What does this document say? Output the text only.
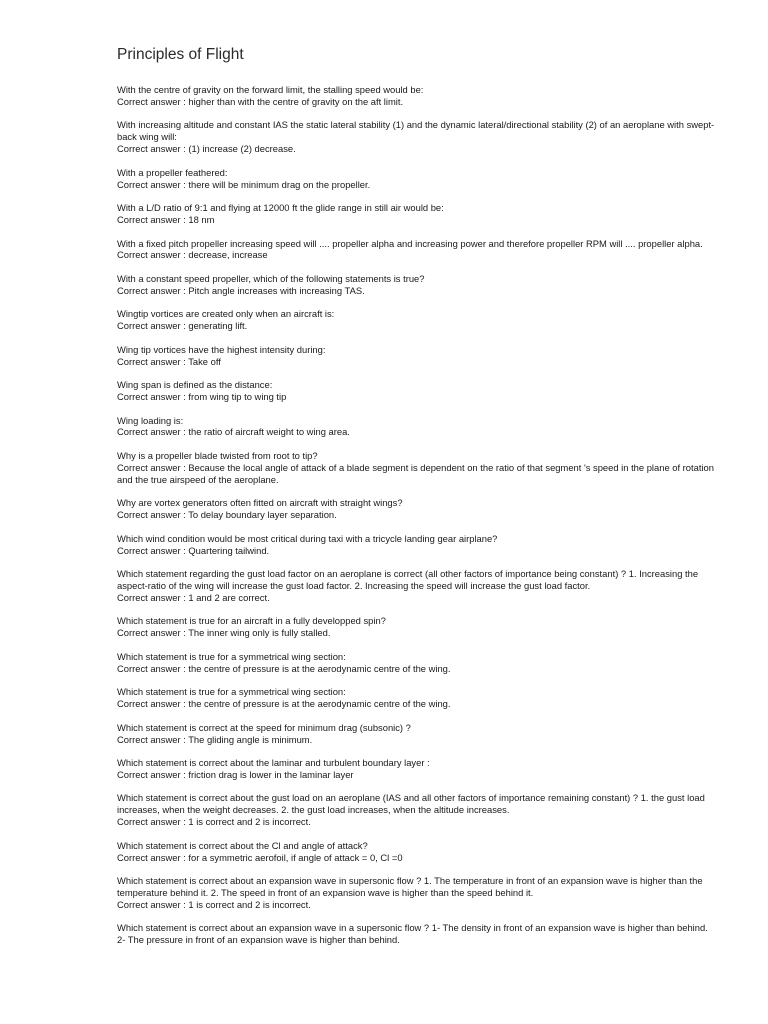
Principles of Flight
With the centre of gravity on the forward limit, the stalling speed would be:
Correct answer : higher than with the centre of gravity on the aft limit.
With increasing altitude and constant IAS the static lateral stability (1) and the dynamic lateral/directional stability (2) of an aeroplane with swept-back wing will:
Correct answer : (1) increase (2) decrease.
With a propeller feathered:
Correct answer : there will be minimum drag on the propeller.
With a L/D ratio of 9:1 and flying at 12000 ft the glide range in still air would be:
Correct answer : 18 nm
With a fixed pitch propeller increasing speed will .... propeller alpha and increasing power and therefore propeller RPM will .... propeller alpha.
Correct answer : decrease, increase
With a constant speed propeller, which of the following statements is true?
Correct answer : Pitch angle increases with increasing TAS.
Wingtip vortices are created only when an aircraft is:
Correct answer : generating lift.
Wing tip vortices have the highest intensity during:
Correct answer : Take off
Wing span is defined as the distance:
Correct answer : from wing tip to wing tip
Wing loading is:
Correct answer : the ratio of aircraft weight to wing area.
Why is a propeller blade twisted from root to tip?
Correct answer : Because the local angle of attack of a blade segment is dependent on the ratio of that segment 's speed in the plane of rotation and the true airspeed of the aeroplane.
Why are vortex generators often fitted on aircraft with straight wings?
Correct answer : To delay boundary layer separation.
Which wind condition would be most critical during taxi with a tricycle landing gear airplane?
Correct answer : Quartering tailwind.
Which statement regarding the gust load factor on an aeroplane is correct (all other factors of importance being constant) ? 1. Increasing the aspect-ratio of the wing will increase the gust load factor. 2. Increasing the speed will increase the gust load factor.
Correct answer : 1 and 2 are correct.
Which statement is true for an aircraft in a fully developped spin?
Correct answer : The inner wing only is fully stalled.
Which statement is true for a symmetrical wing section:
Correct answer : the centre of pressure is at the aerodynamic centre of the wing.
Which statement is true for a symmetrical wing section:
Correct answer : the centre of pressure is at the aerodynamic centre of the wing.
Which statement is correct at the speed for minimum drag (subsonic) ?
Correct answer : The gliding angle is minimum.
Which statement is correct about the laminar and turbulent boundary layer :
Correct answer : friction drag is lower in the laminar layer
Which statement is correct about the gust load on an aeroplane (IAS and all other factors of importance remaining constant) ? 1. the gust load increases, when the weight decreases. 2. the gust load increases, when the altitude increases.
Correct answer : 1 is correct and 2 is incorrect.
Which statement is correct about the Cl and angle of attack?
Correct answer : for a symmetric aerofoil, if angle of attack = 0, Cl =0
Which statement is correct about an expansion wave in supersonic flow ? 1. The temperature in front of an expansion wave is higher than the temperature behind it. 2. The speed in front of an expansion wave is higher than the speed behind it.
Correct answer : 1 is correct and 2 is incorrect.
Which statement is correct about an expansion wave in a supersonic flow ? 1- The density in front of an expansion wave is higher than behind. 2- The pressure in front of an expansion wave is higher than behind.
